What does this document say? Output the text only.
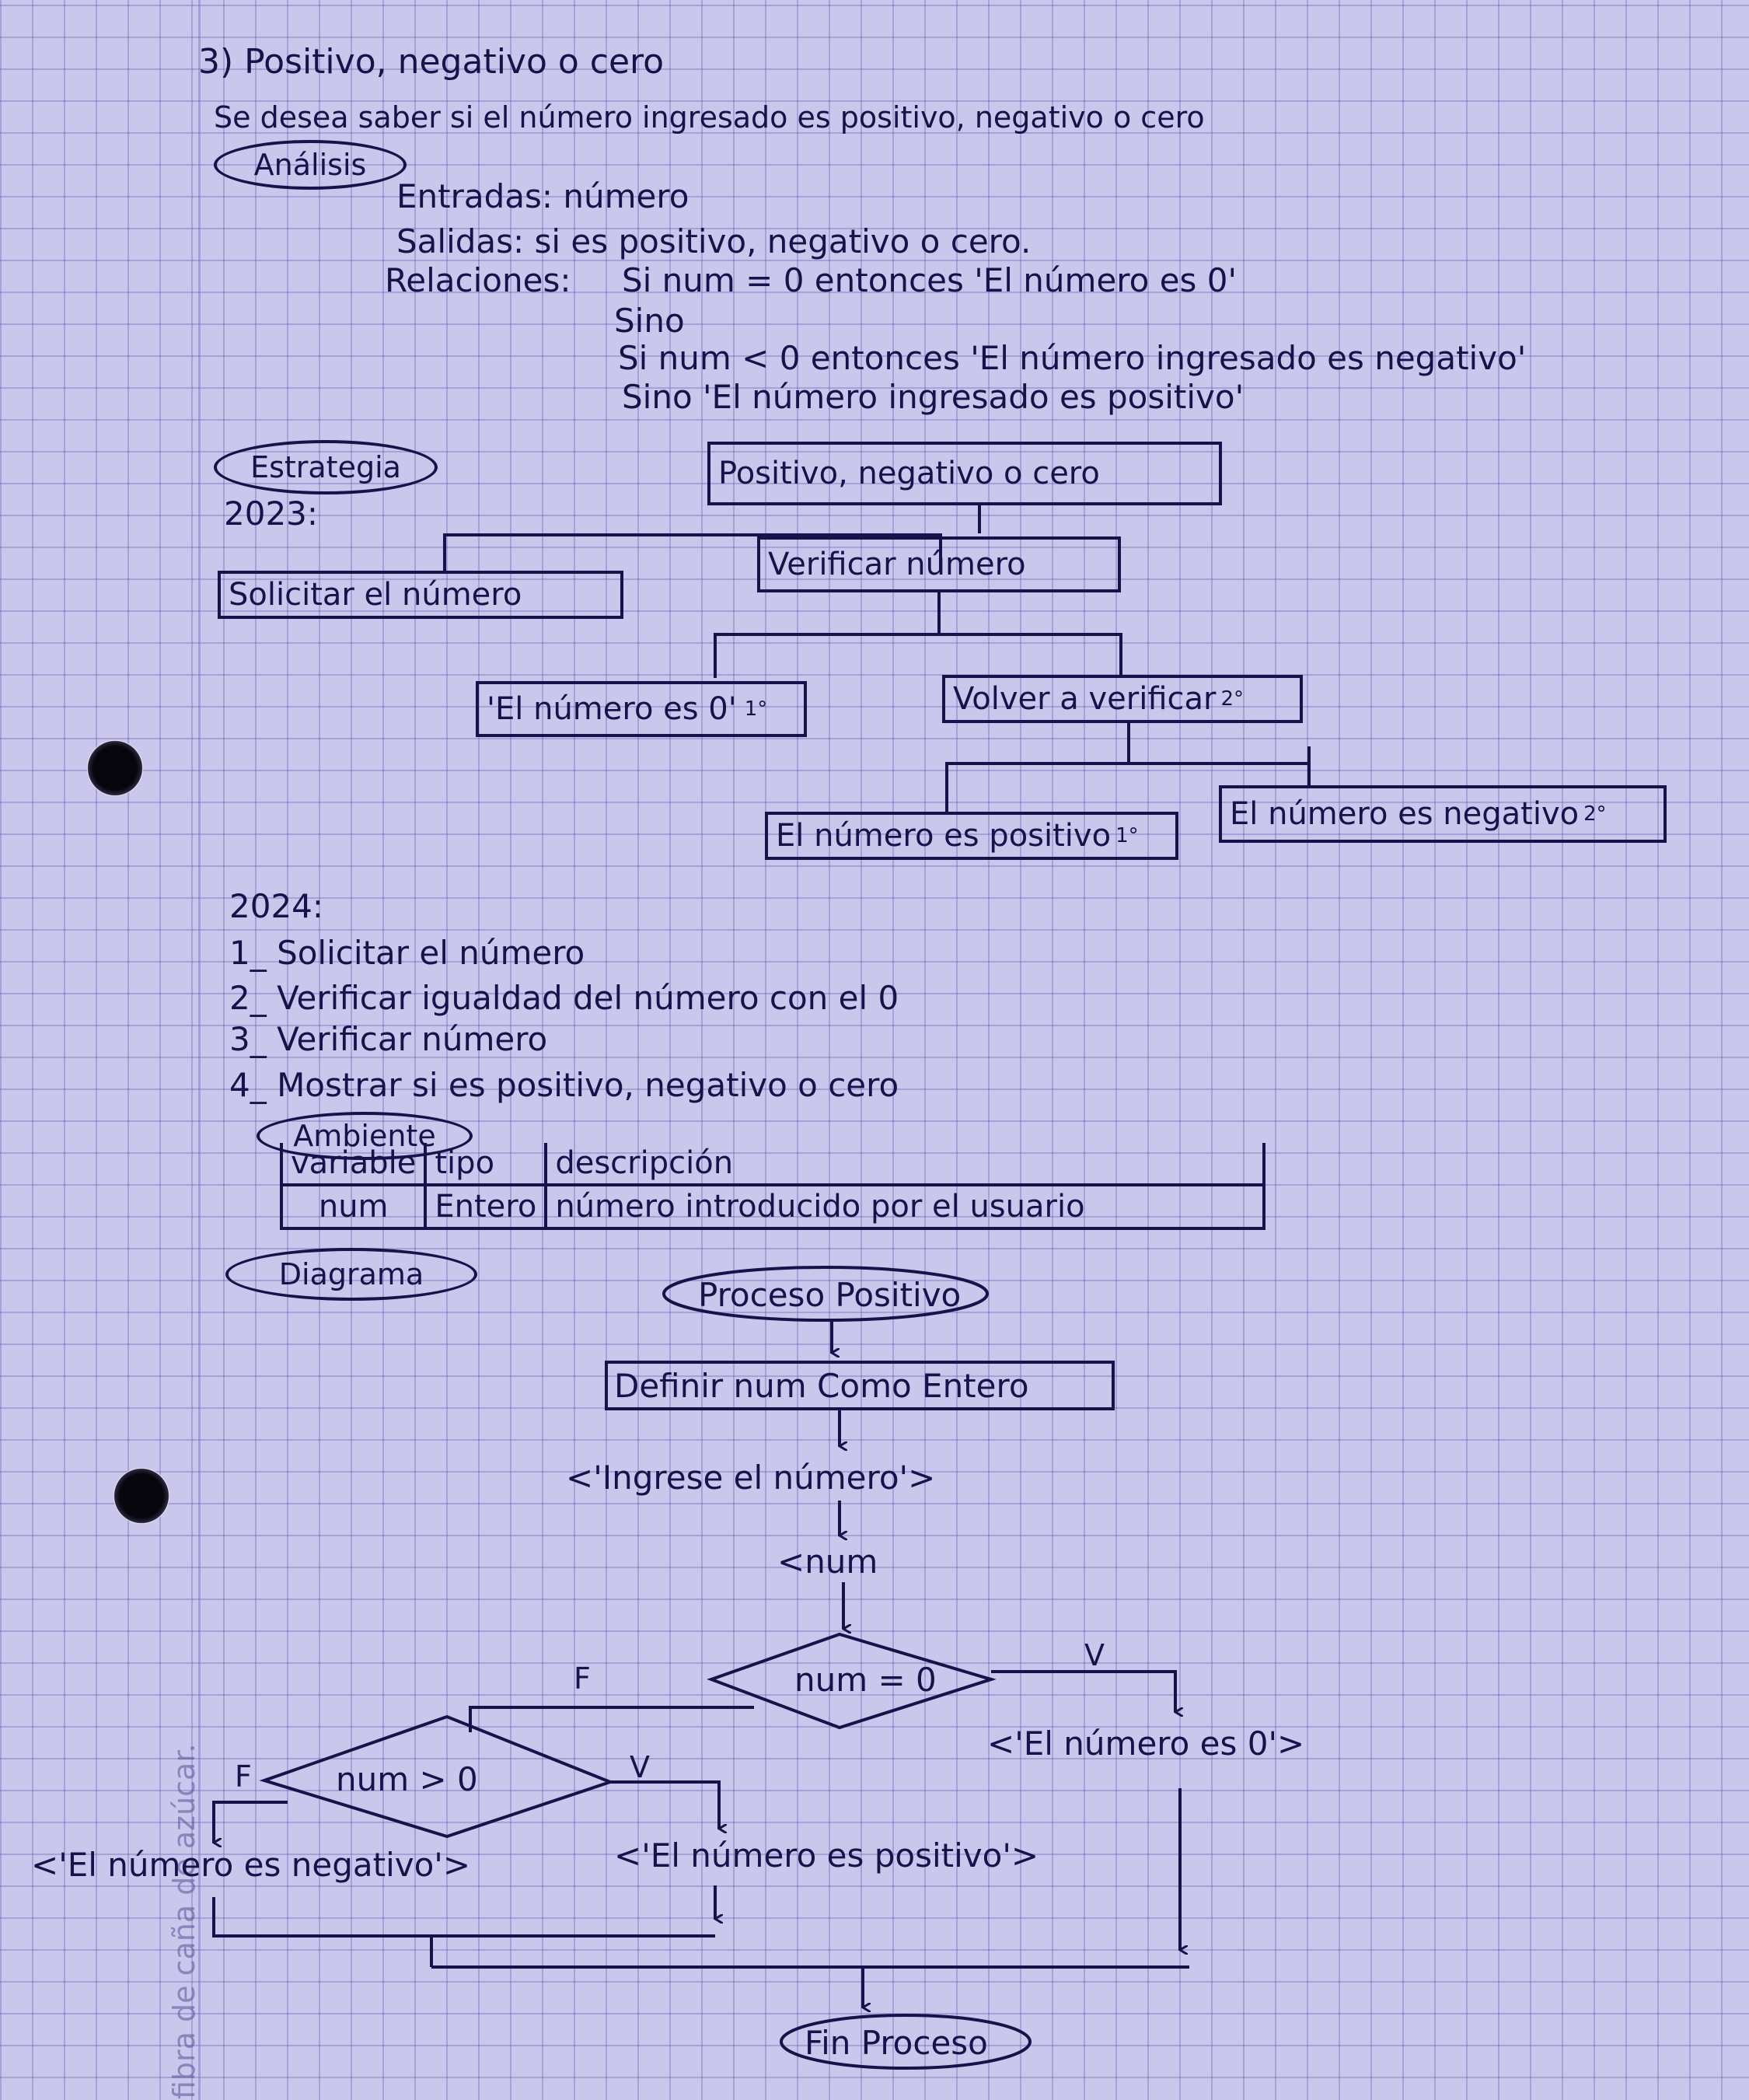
fibra de caña de azúcar.
3) Positivo, negativo o cero
Se desea saber si el número ingresado es positivo, negativo o cero
Análisis
Entradas: número
Salidas: si es positivo, negativo o cero.
Relaciones: Si num = 0 entonces 'El número es 0'
Sino
Si num < 0 entonces 'El número ingresado es negativo'
Sino 'El número ingresado es positivo'
Estrategia
2023:
Positivo, negativo o cero
Solicitar el número
Verificar número
'El número es 0' 1°	Volver a verificar 2°
El número es positivo 1°
El número es negativo 2°
2024:
1_ Solicitar el número
2_ Verificar igualdad del número con el 0
3_ Verificar número
4_ Mostrar si es positivo, negativo o cero
Ambiente
variable	tipo	descripción
num	Entero	número introducido por el usuario
Diagrama
Proceso Positivo
Definir num Como Entero
<'Ingrese el número'>
<num
num = 0
F
V
<'El número es 0'>
num > 0
F	V
<'El número es negativo'>	<'El número es positivo'>
Fin Proceso
